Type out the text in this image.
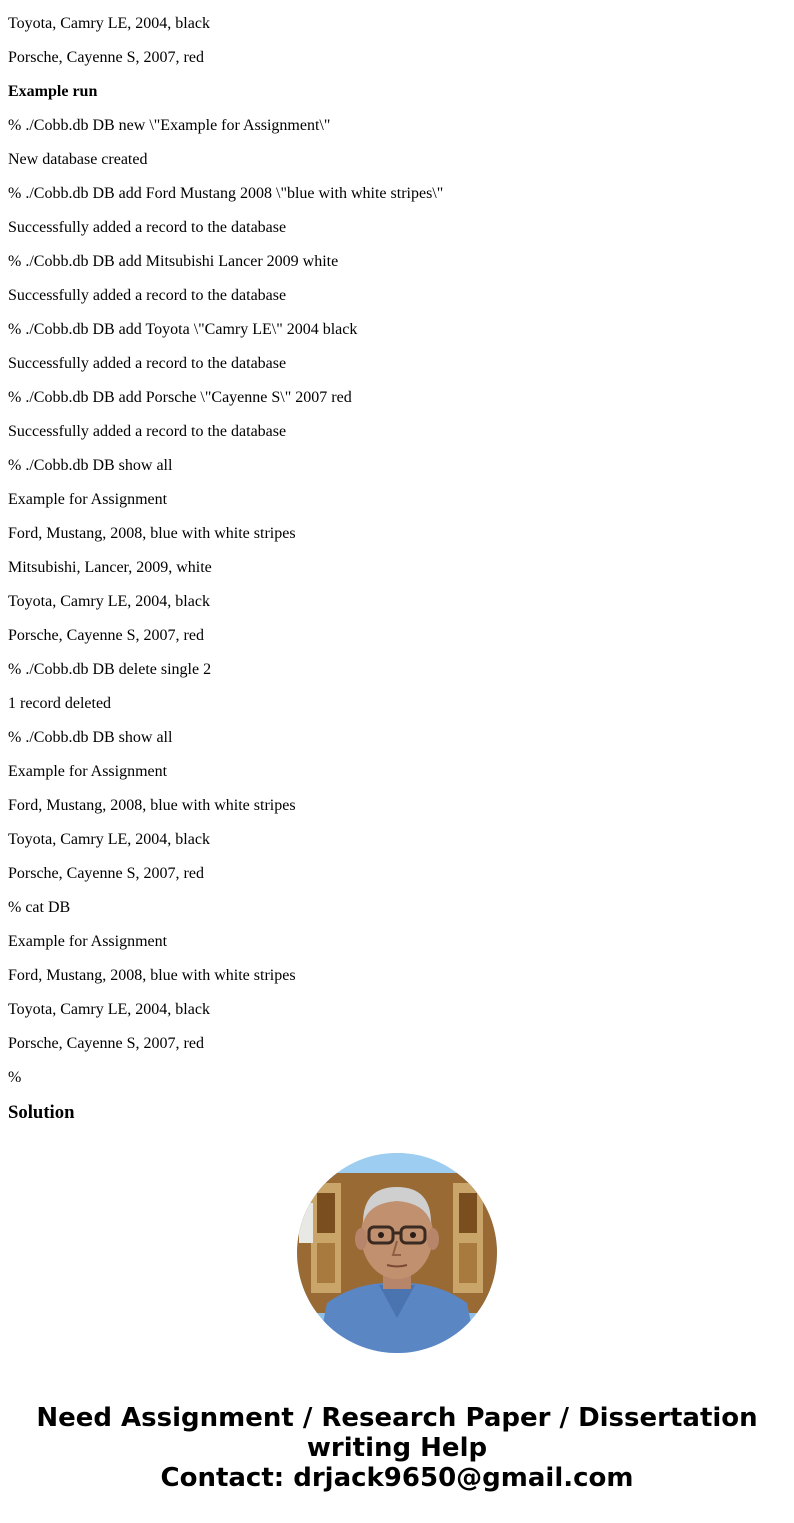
Toyota, Camry LE, 2004, black

Porsche, Cayenne S, 2007, red

Example run

% ./Cobb.db DB new \"Example for Assignment\"

New database created

% ./Cobb.db DB add Ford Mustang 2008 \"blue with white stripes\"

Successfully added a record to the database

% ./Cobb.db DB add Mitsubishi Lancer 2009 white

Successfully added a record to the database

% ./Cobb.db DB add Toyota \"Camry LE\" 2004 black

Successfully added a record to the database

% ./Cobb.db DB add Porsche \"Cayenne S\" 2007 red

Successfully added a record to the database

% ./Cobb.db DB show all

Example for Assignment

Ford, Mustang, 2008, blue with white stripes

Mitsubishi, Lancer, 2009, white

Toyota, Camry LE, 2004, black

Porsche, Cayenne S, 2007, red

% ./Cobb.db DB delete single 2

1 record deleted

% ./Cobb.db DB show all

Example for Assignment

Ford, Mustang, 2008, blue with white stripes

Toyota, Camry LE, 2004, black

Porsche, Cayenne S, 2007, red

% cat DB

Example for Assignment

Ford, Mustang, 2008, blue with white stripes

Toyota, Camry LE, 2004, black

Porsche, Cayenne S, 2007, red

%

Solution
Need Assignment / Research Paper / Dissertation
writing Help
Contact: drjack9650@gmail.com
